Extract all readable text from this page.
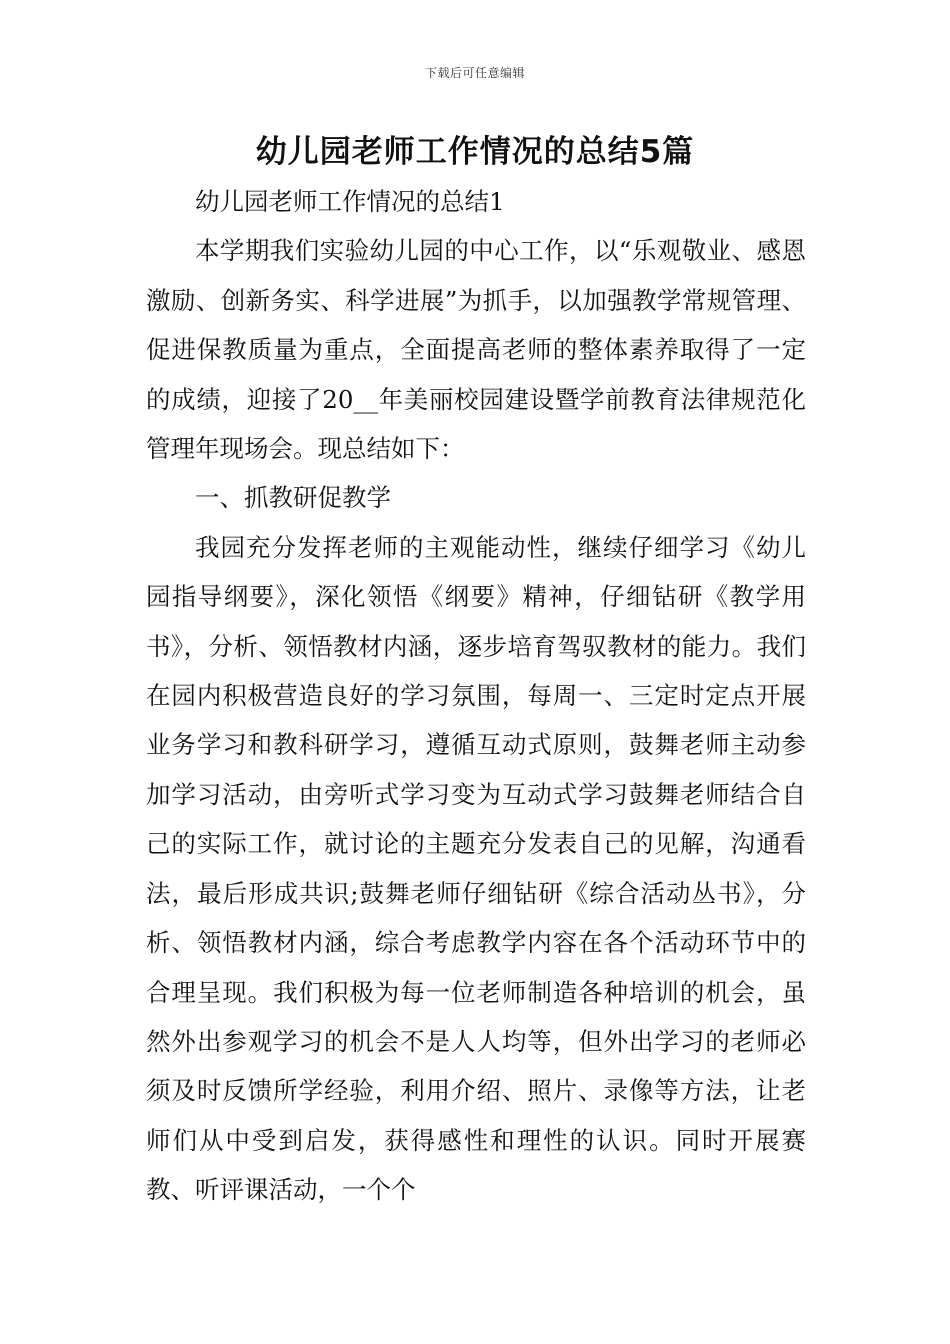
下载后可任意编辑
幼儿园老师工作情况的总结5篇

幼儿园老师工作情况的总结1

本学期我们实验幼儿园的中心工作，以“乐观敬业、感恩激励、创新务实、科学进展”为抓手，以加强教学常规管理、促进保教质量为重点，全面提高老师的整体素养取得了一定的成绩，迎接了20__年美丽校园建设暨学前教育法律规范化管理年现场会。现总结如下：

一、抓教研促教学

我园充分发挥老师的主观能动性，继续仔细学习《幼儿园指导纲要》，深化领悟《纲要》精神，仔细钻研《教学用书》，分析、领悟教材内涵，逐步培育驾驭教材的能力。我们在园内积极营造良好的学习氛围，每周一、三定时定点开展业务学习和教科研学习，遵循互动式原则，鼓舞老师主动参加学习活动，由旁听式学习变为互动式学习鼓舞老师结合自己的实际工作，就讨论的主题充分发表自己的见解，沟通看法，最后形成共识;鼓舞老师仔细钻研《综合活动丛书》，分析、领悟教材内涵，综合考虑教学内容在各个活动环节中的合理呈现。我们积极为每一位老师制造各种培训的机会，虽然外出参观学习的机会不是人人均等，但外出学习的老师必须及时反馈所学经验，利用介绍、照片、录像等方法，让老师们从中受到启发，获得感性和理性的认识。同时开展赛教、听评课活动，一个个
